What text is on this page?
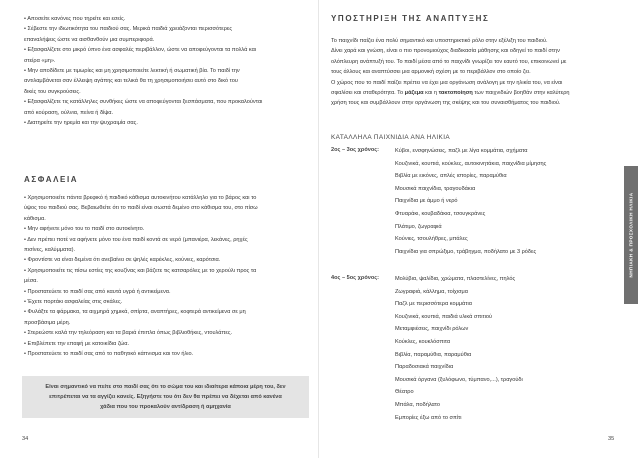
• Αποσείτε κανόνες που τηρείτε και εσείς.
• Σέβεστε την ιδιωτικότητα του παιδιού σας. Μερικά παιδιά χρειάζονται περισσότερες
επαναλήψεις ώστε να αισθανθούν μια συμπεριφορά.
• Εξασφαλίζετε στο μικρό ύπνο ένα ασφαλές περιβάλλον, ώστε να αποφεύγονται τα πολλά και
στείρα «μη».
• Μην αποδίδετε με τιμωρίες και μη χρησιμοποιείτε λεκτική ή σωματική βία. Το παιδί την
αντιλαμβάνεται σαν έλλειψη αγάπης και τελικά θα τη χρησιμοποιήσει αυτό στο δικό του
δικές του συγκρούσεις.
• Εξασφαλίζετε τις κατάλληλες συνθήκες ώστε να αποφεύγονται ξεσπάσματα, που προκαλούνται
από κούραση, ούλνια, πείνα ή δίψα.
• Διατηρείτε την ηρεμία και την ψυχραιμία σας.
ΑΣΦΑΛΕΙΑ
• Χρησιμοποιείτε πάντα βρεφικό ή παιδικό κάθισμα αυτοκινήτου κατάλληλο για το βάρος και το
ύψος του παιδιού σας. Βεβαιωθείτε ότι το παιδί είναι σωστά δεμένο στο κάθισμα του, στο πίσω
κάθισμα.
• Μην αφήνετε μόνο του το παιδί στο αυτοκίνητο.
• Δεν πρέπει ποτέ να αφήνετε μόνο του ένα παιδί κοντά σε νερό (μπανιέρα, λεκάνες, ρηχές
πισίνες, καλύμματα).
• Φροντίστε να είναι δεμένα ότι ανεβαίνει σε ψηλές καρέκλες, κούνιες, καρότσια.
• Χρησιμοποιείτε τις πίσω εστίες της κουζίνας και βάζετε τις κατσαρόλες με το χερούλι προς τα
μέσα.
• Προστατεύετε το παιδί σας από καυτά υγρά ή αντικείμενα.
• Έχετε πορτάκι ασφαλείας στις σκάλες.
• Φυλάξτε τα φάρμακα, τα αιχμηρά χημικά, σπίρτα, αναπτήρες, κοφτερά αντικείμενα σε μη
προσβάσιμα μέρη.
• Στερεώστε καλά την τηλεόραση και τα βαριά έπιπλα όπως βιβλιοθήκες, ντουλάπες.
• Επιβλέπετε την επαφή με κατοικίδια ζώα.
• Προστατεύετε το παιδί σας από το παθητικό κάπνισμα και τον ήλιο.
Είναι σημαντικό να πείτε στο παιδί σας ότι το σώμα του και ιδιαίτερα κάποια μέρη του, δεν
επιτρέπεται να τα αγγίζει κανείς. Εξηγήστε του ότι δεν θα πρέπει να δέχεται από κανένα
χάδια που του προκαλούν αντίδραση ή αμηχανία
34
ΥΠΟΣΤΗΡΙΞΗ ΤΗΣ ΑΝΑΠΤΥΞΗΣ
Το παιχνίδι παίζει ένα πολύ σημαντικό και υποστηρικτικό ρόλο στην εξέλιξη του παιδιού.
Δίνει χαρά και γνώση, είναι ο πιο προνομιούχος διαδικασία μάθησης και οδηγεί το παιδί στην
ολόπλευρη ανάπτυξή του. Το παιδί μέσα από το παιχνίδι γνωρίζει τον εαυτό του, επικοινωνεί με
τους άλλους και αναπτύσσει μια αρμονική σχέση με το περιβάλλον στο οποίο ζει.
Ο χώρος που το παιδί παίζει πρέπει να έχει μια οργάνωση ανάλογη με την ηλικία του, να είναι
σφαλίσει και σταθερότητα. Το μάζεμα και η τακτοποίηση των παιχνιδιών βοηθάν στην καλύτερη
χρήση τους και συμβάλλουν στην οργάνωση της σκέψης και του συναισθήματος του παιδιού.
ΚΑΤΑΛΛΗΛΑ ΠΑΙΧΝΙΔΙΑ ΑΝΑ ΗΛΙΚΙΑ
2ος – 3ος χρόνος:	Κύβοι, ενσφηνώσεις, παζλ με λίγα κομμάτια, σχήματα
Κουζινικά, κουπιά, κούκλες, αυτοκινητάκια, παιχνίδια μίμησης
Βιβλία με εικόνες, απλές ιστορίες, παραμύθια
Μουσικά παιχνίδια, τραγουδάκια
Παιχνίδια με άμμο ή νερό
Φτυαράκι, κουβαδάκια, τσουγκράνες
Πλάτιμο, ζωγραφιά
Κούνιες, τσουλήθρες, μπάλες
Παιχνίδια για σπρώξιμο, τράβηγμα, ποδήλατο με 3 ρόδες
4ος – 5ος χρόνος:	Μολύβια, ψαλίδια, χρώματα, πλαστελίνες, πηλός
Ζωγραφιά, κάλλημα, τοίχισμα
Παζλ με περισσότερα κομμάτια
Κουζινικά, κουπιά, παιδιά υλικά σπιτιού
Μεταμφιέσεις, παιχνίδι ρόλων
Κούκλες, κουκλόσπιτα
Βιβλία, παραμύθια, παραμύθια
Παραδοσιακά παιχνίδια
Μουσικά όργανα (ξυλόφωνο, τύμπανο,...), τραγούδι
Θέατρο
Μπάλα, ποδήλατο
Εμπορίες έξω από το σπίτι
35
ΝΗΠΙΑΚΗ & ΠΡΟΣΧΟΛΙΚΗ ΗΛΙΚΙΑ
